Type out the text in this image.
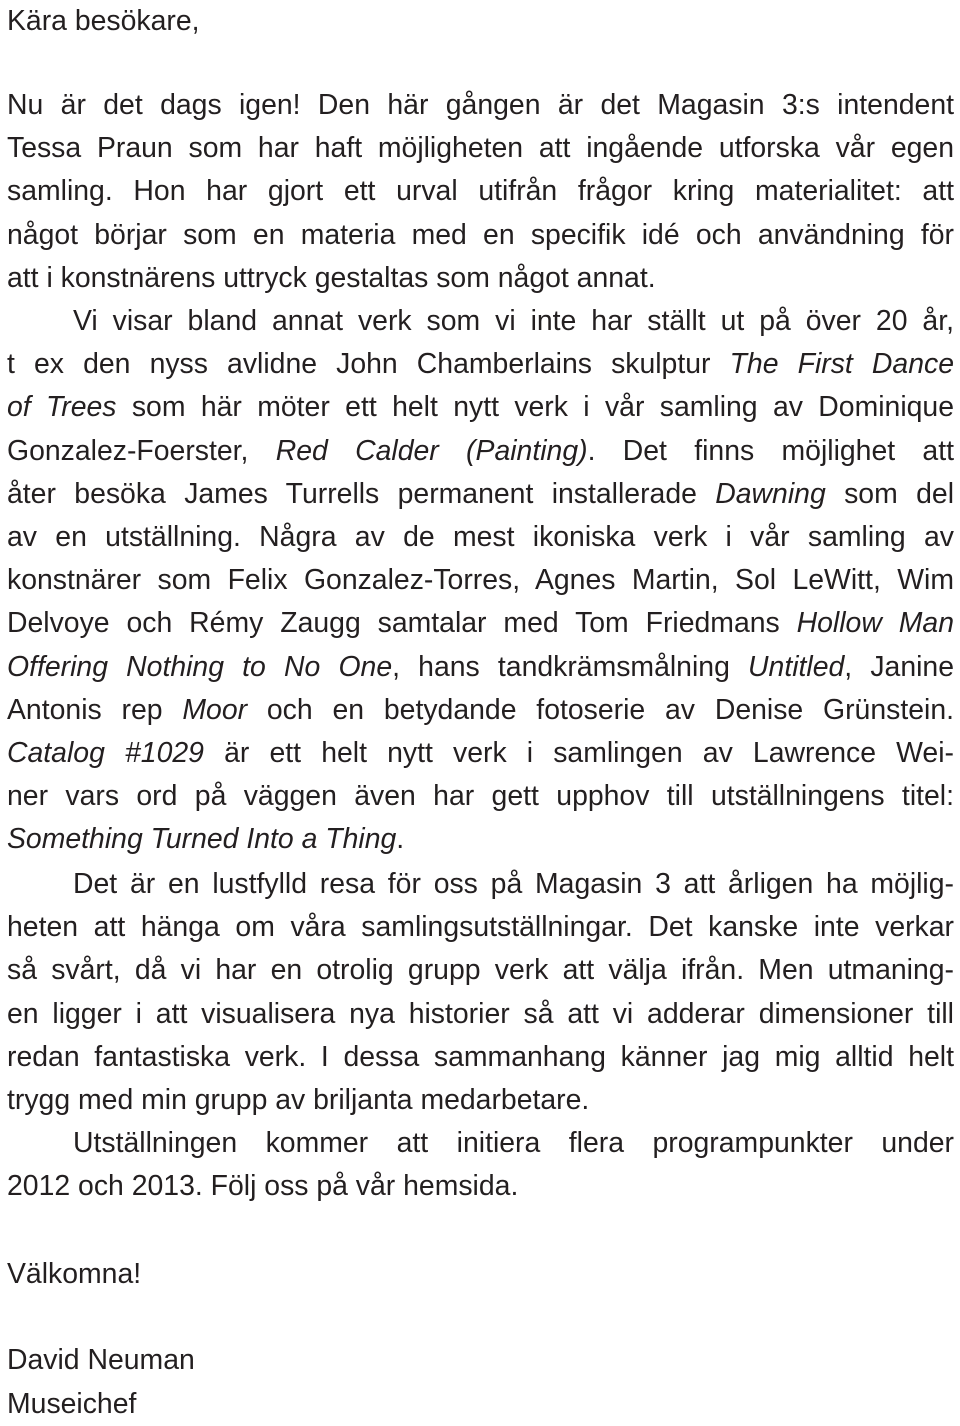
Kära besökare,
Nu är det dags igen! Den här gången är det Magasin 3:s intendent
Tessa Praun som har haft möjligheten att ingående utforska vår egen
samling. Hon har gjort ett urval utifrån frågor kring materialitet: att
något börjar som en materia med en specifik idé och användning för
att i konstnärens uttryck gestaltas som något annat.
Vi visar bland annat verk som vi inte har ställt ut på över 20 år,
t ex den nyss avlidne John Chamberlains skulptur The First Dance
of Trees som här möter ett helt nytt verk i vår samling av Dominique
Gonzalez-Foerster, Red Calder (Painting). Det finns möjlighet att
åter besöka James Turrells permanent installerade Dawning som del
av en utställning. Några av de mest ikoniska verk i vår samling av
konstnärer som Felix Gonzalez-Torres, Agnes Martin, Sol LeWitt, Wim
Delvoye och Rémy Zaugg samtalar med Tom Friedmans Hollow Man
Offering Nothing to No One, hans tandkrämsmålning Untitled, Janine
Antonis rep Moor och en betydande fotoserie av Denise Grünstein.
Catalog #1029 är ett helt nytt verk i samlingen av Lawrence Wei-
ner vars ord på väggen även har gett upphov till utställningens titel:
Something Turned Into a Thing.
Det är en lustfylld resa för oss på Magasin 3 att årligen ha möjlig-
heten att hänga om våra samlingsutställningar. Det kanske inte verkar
så svårt, då vi har en otrolig grupp verk att välja ifrån. Men utmaning-
en ligger i att visualisera nya historier så att vi adderar dimensioner till
redan fantastiska verk. I dessa sammanhang känner jag mig alltid helt
trygg med min grupp av briljanta medarbetare.
Utställningen kommer att initiera flera programpunkter under
2012 och 2013. Följ oss på vår hemsida.
Välkomna!
David Neuman
Museichef
